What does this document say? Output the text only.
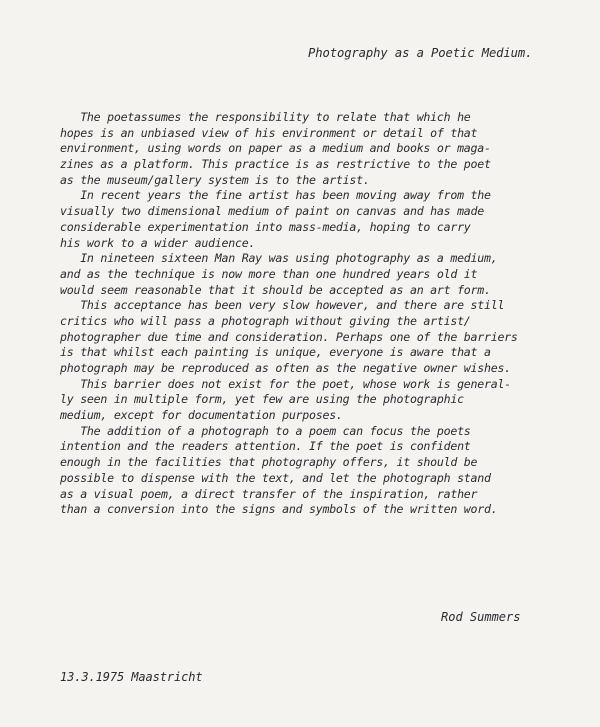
Photography as a Poetic Medium.
The poetassumes the responsibility to relate that which he
hopes is an unbiased view of his environment or detail of that
environment, using words on paper as a medium and books or maga-
zines as a platform. This practice is as restrictive to the poet
as the museum/gallery system is to the artist.
In recent years the fine artist has been moving away from the
visually two dimensional medium of paint on canvas and has made
considerable experimentation into mass-media, hoping to carry
his work to a wider audience.
In nineteen sixteen Man Ray was using photography as a medium,
and as the technique is now more than one hundred years old it
would seem reasonable that it should be accepted as an art form.
This acceptance has been very slow however, and there are still
critics who will pass a photograph without giving the artist/
photographer due time and consideration. Perhaps one of the barriers
is that whilst each painting is unique, everyone is aware that a
photograph may be reproduced as often as the negative owner wishes.
This barrier does not exist for the poet, whose work is general-
ly seen in multiple form, yet few are using the photographic
medium, except for documentation purposes.
The addition of a photograph to a poem can focus the poets
intention and the readers attention. If the poet is confident
enough in the facilities that photography offers, it should be
possible to dispense with the text, and let the photograph stand
as a visual poem, a direct transfer of the inspiration, rather
than a conversion into the signs and symbols of the written word.
Rod Summers
13.3.1975 Maastricht
